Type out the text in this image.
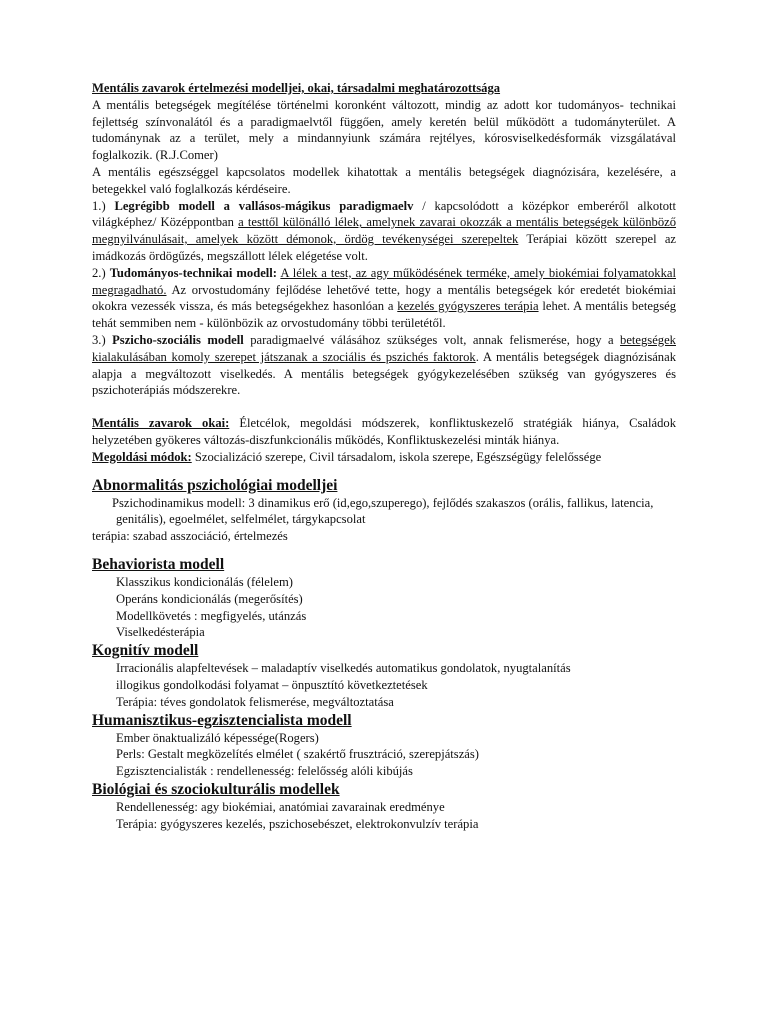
Mentális zavarok értelmezési modelljei, okai, társadalmi meghatározottsága

A mentális betegségek megítélése történelmi koronként változott, mindig az adott kor tudományos- technikai fejlettség színvonalától és a paradigmaelvtől függően, amely keretén belül működött a tudományterület. A tudománynak az a terület, mely a mindannyiunk számára rejtélyes, kórosviselkedésformák vizsgálatával foglalkozik. (R.J.Comer)

A mentális egészséggel kapcsolatos modellek kihatottak a mentális betegségek diagnózisára, kezelésére, a betegekkel való foglalkozás kérdéseire.

1.) Legrégibb modell a vallásos-mágikus paradigmaelv / kapcsolódott a középkor emberéről alkotott világképhez/ Középpontban a testtől különálló lélek, amelynek zavarai okozzák a mentális betegségek különböző megnyilvánulásait, amelyek között démonok, ördög tevékenységei szerepeltek Terápiai között szerepel az imádkozás ördögűzés, megszállott lélek elégetése volt.

2.) Tudományos-technikai modell: A lélek a test, az agy működésének terméke, amely biokémiai folyamatokkal megragadható. Az orvostudomány fejlődése lehetővé tette, hogy a mentális betegségek kór eredetét biokémiai okokra vezessék vissza, és más betegségekhez hasonlóan a kezelés gyógyszeres terápia lehet. A mentális betegség tehát semmiben nem - különbözik az orvostudomány többi területétől.

3.) Pszicho-szociális modell paradigmaelvé válásához szükséges volt, annak felismerése, hogy a betegségek kialakulásában komoly szerepet játszanak a szociális és pszichés faktorok. A mentális betegségek diagnózisának alapja a megváltozott viselkedés. A mentális betegségek gyógykezelésében szükség van gyógyszeres és pszichoterápiás módszerekre.

Mentális zavarok okai: Életcélok, megoldási módszerek, konfliktuskezelő stratégiák hiánya, Családok helyzetében gyökeres változás-diszfunkcionális működés, Konfliktuskezelési minták hiánya.

Megoldási módok: Szocializáció szerepe, Civil társadalom, iskola szerepe, Egészségügy felelőssége

Abnormalitás pszichológiai modelljei

Pszichodinamikus modell: 3 dinamikus erő (id,ego,szuperego), fejlődés szakaszos (orális, fallikus, latencia, genitális), egoelmélet, selfelmélet, tárgykapcsolat

terápia: szabad asszociáció, értelmezés

Behaviorista modell

Klasszikus kondicionálás (félelem)

Operáns kondicionálás (megerősítés)

Modellkövetés : megfigyelés, utánzás

Viselkedésterápia

Kognitív modell

Irracionális alapfeltevések – maladaptív viselkedés automatikus gondolatok, nyugtalanítás

illogikus gondolkodási folyamat – önpusztító következtetések

Terápia: téves gondolatok felismerése, megváltoztatása

Humanisztikus-egzisztencialista modell

Ember önaktualizáló képessége(Rogers)

Perls: Gestalt megközelítés elmélet ( szakértő frusztráció, szerepjátszás)

Egzisztencialisták : rendellenesség: felelősség alóli kibújás

Biológiai és szociokulturális modellek

Rendellenesség: agy biokémiai, anatómiai zavarainak eredménye

Terápia: gyógyszeres kezelés, pszichosebészet, elektrokonvulzív terápia
